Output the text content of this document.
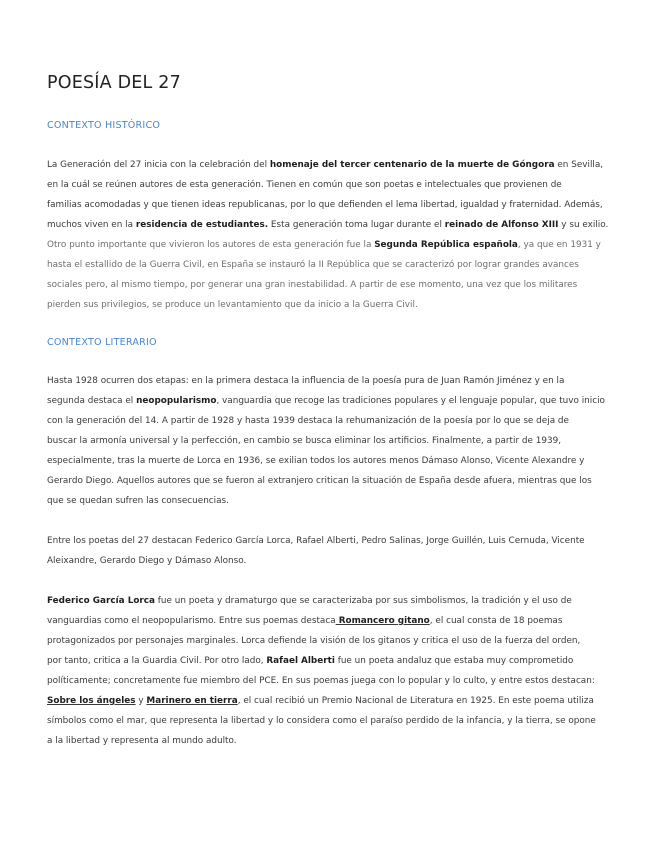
POESÍA DEL 27
CONTEXTO HISTÓRICO
La Generación del 27 inicia con la celebración del homenaje del tercer centenario de la muerte de Góngora en Sevilla,
en la cuál se reúnen autores de esta generación. Tienen en común que son poetas e intelectuales que provienen de
familias acomodadas y que tienen ideas republicanas, por lo que defienden el lema libertad, igualdad y fraternidad. Además,
muchos viven en la residencia de estudiantes. Esta generación toma lugar durante el reinado de Alfonso XIII y su exilio.
Otro punto importante que vivieron los autores de esta generación fue la Segunda República española, ya que en 1931 y
hasta el estallido de la Guerra Civil, en España se instauró la II República que se caracterizó por lograr grandes avances
sociales pero, al mismo tiempo, por generar una gran inestabilidad. A partir de ese momento, una vez que los militares
pierden sus privilegios, se produce un levantamiento que da inicio a la Guerra Civil.
CONTEXTO LITERARIO
Hasta 1928 ocurren dos etapas: en la primera destaca la influencia de la poesía pura de Juan Ramón Jiménez y en la
segunda destaca el neopopularismo, vanguardia que recoge las tradiciones populares y el lenguaje popular, que tuvo inicio
con la generación del 14. A partir de 1928 y hasta 1939 destaca la rehumanización de la poesía por lo que se deja de
buscar la armonía universal y la perfección, en cambio se busca eliminar los artificios. Finalmente, a partir de 1939,
especialmente, tras la muerte de Lorca en 1936, se exilian todos los autores menos Dámaso Alonso, Vicente Alexandre y
Gerardo Diego. Aquellos autores que se fueron al extranjero critican la situación de España desde afuera, mientras que los
que se quedan sufren las consecuencias.
Entre los poetas del 27 destacan Federico García Lorca, Rafael Alberti, Pedro Salinas, Jorge Guillén, Luis Cernuda, Vicente
Aleixandre, Gerardo Diego y Dámaso Alonso.
Federico García Lorca fue un poeta y dramaturgo que se caracterizaba por sus simbolismos, la tradición y el uso de
vanguardias como el neopopularismo. Entre sus poemas destaca Romancero gitano, el cual consta de 18 poemas
protagonizados por personajes marginales. Lorca defiende la visión de los gitanos y critica el uso de la fuerza del orden,
por tanto, critica a la Guardia Civil. Por otro lado, Rafael Alberti fue un poeta andaluz que estaba muy comprometido
políticamente; concretamente fue miembro del PCE. En sus poemas juega con lo popular y lo culto, y entre estos destacan:
Sobre los ángeles y Marinero en tierra, el cual recibió un Premio Nacional de Literatura en 1925. En este poema utiliza
símbolos como el mar, que representa la libertad y lo considera como el paraíso perdido de la infancia, y la tierra, se opone
a la libertad y representa al mundo adulto.
